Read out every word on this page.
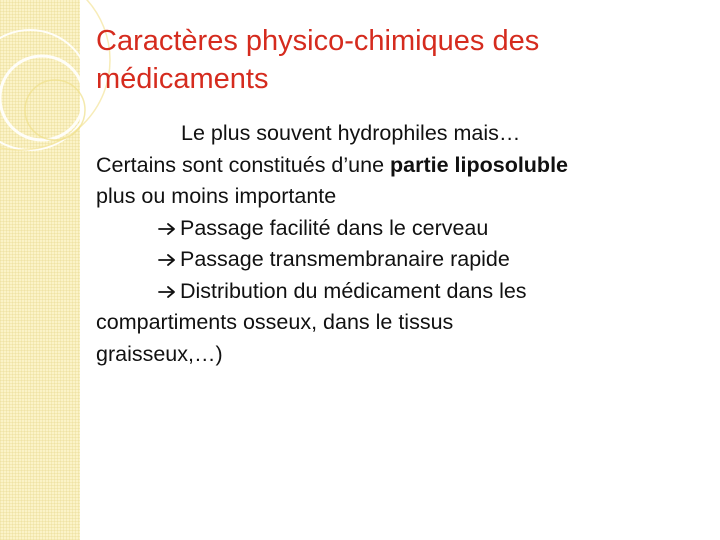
Caractères physico-chimiques des
médicaments
Le plus souvent hydrophiles mais…
Certains sont constitués d’une partie liposoluble
plus ou moins importante
Passage facilité dans le cerveau
Passage transmembranaire rapide
Distribution du médicament dans les
compartiments osseux, dans le tissus
graisseux,…)
